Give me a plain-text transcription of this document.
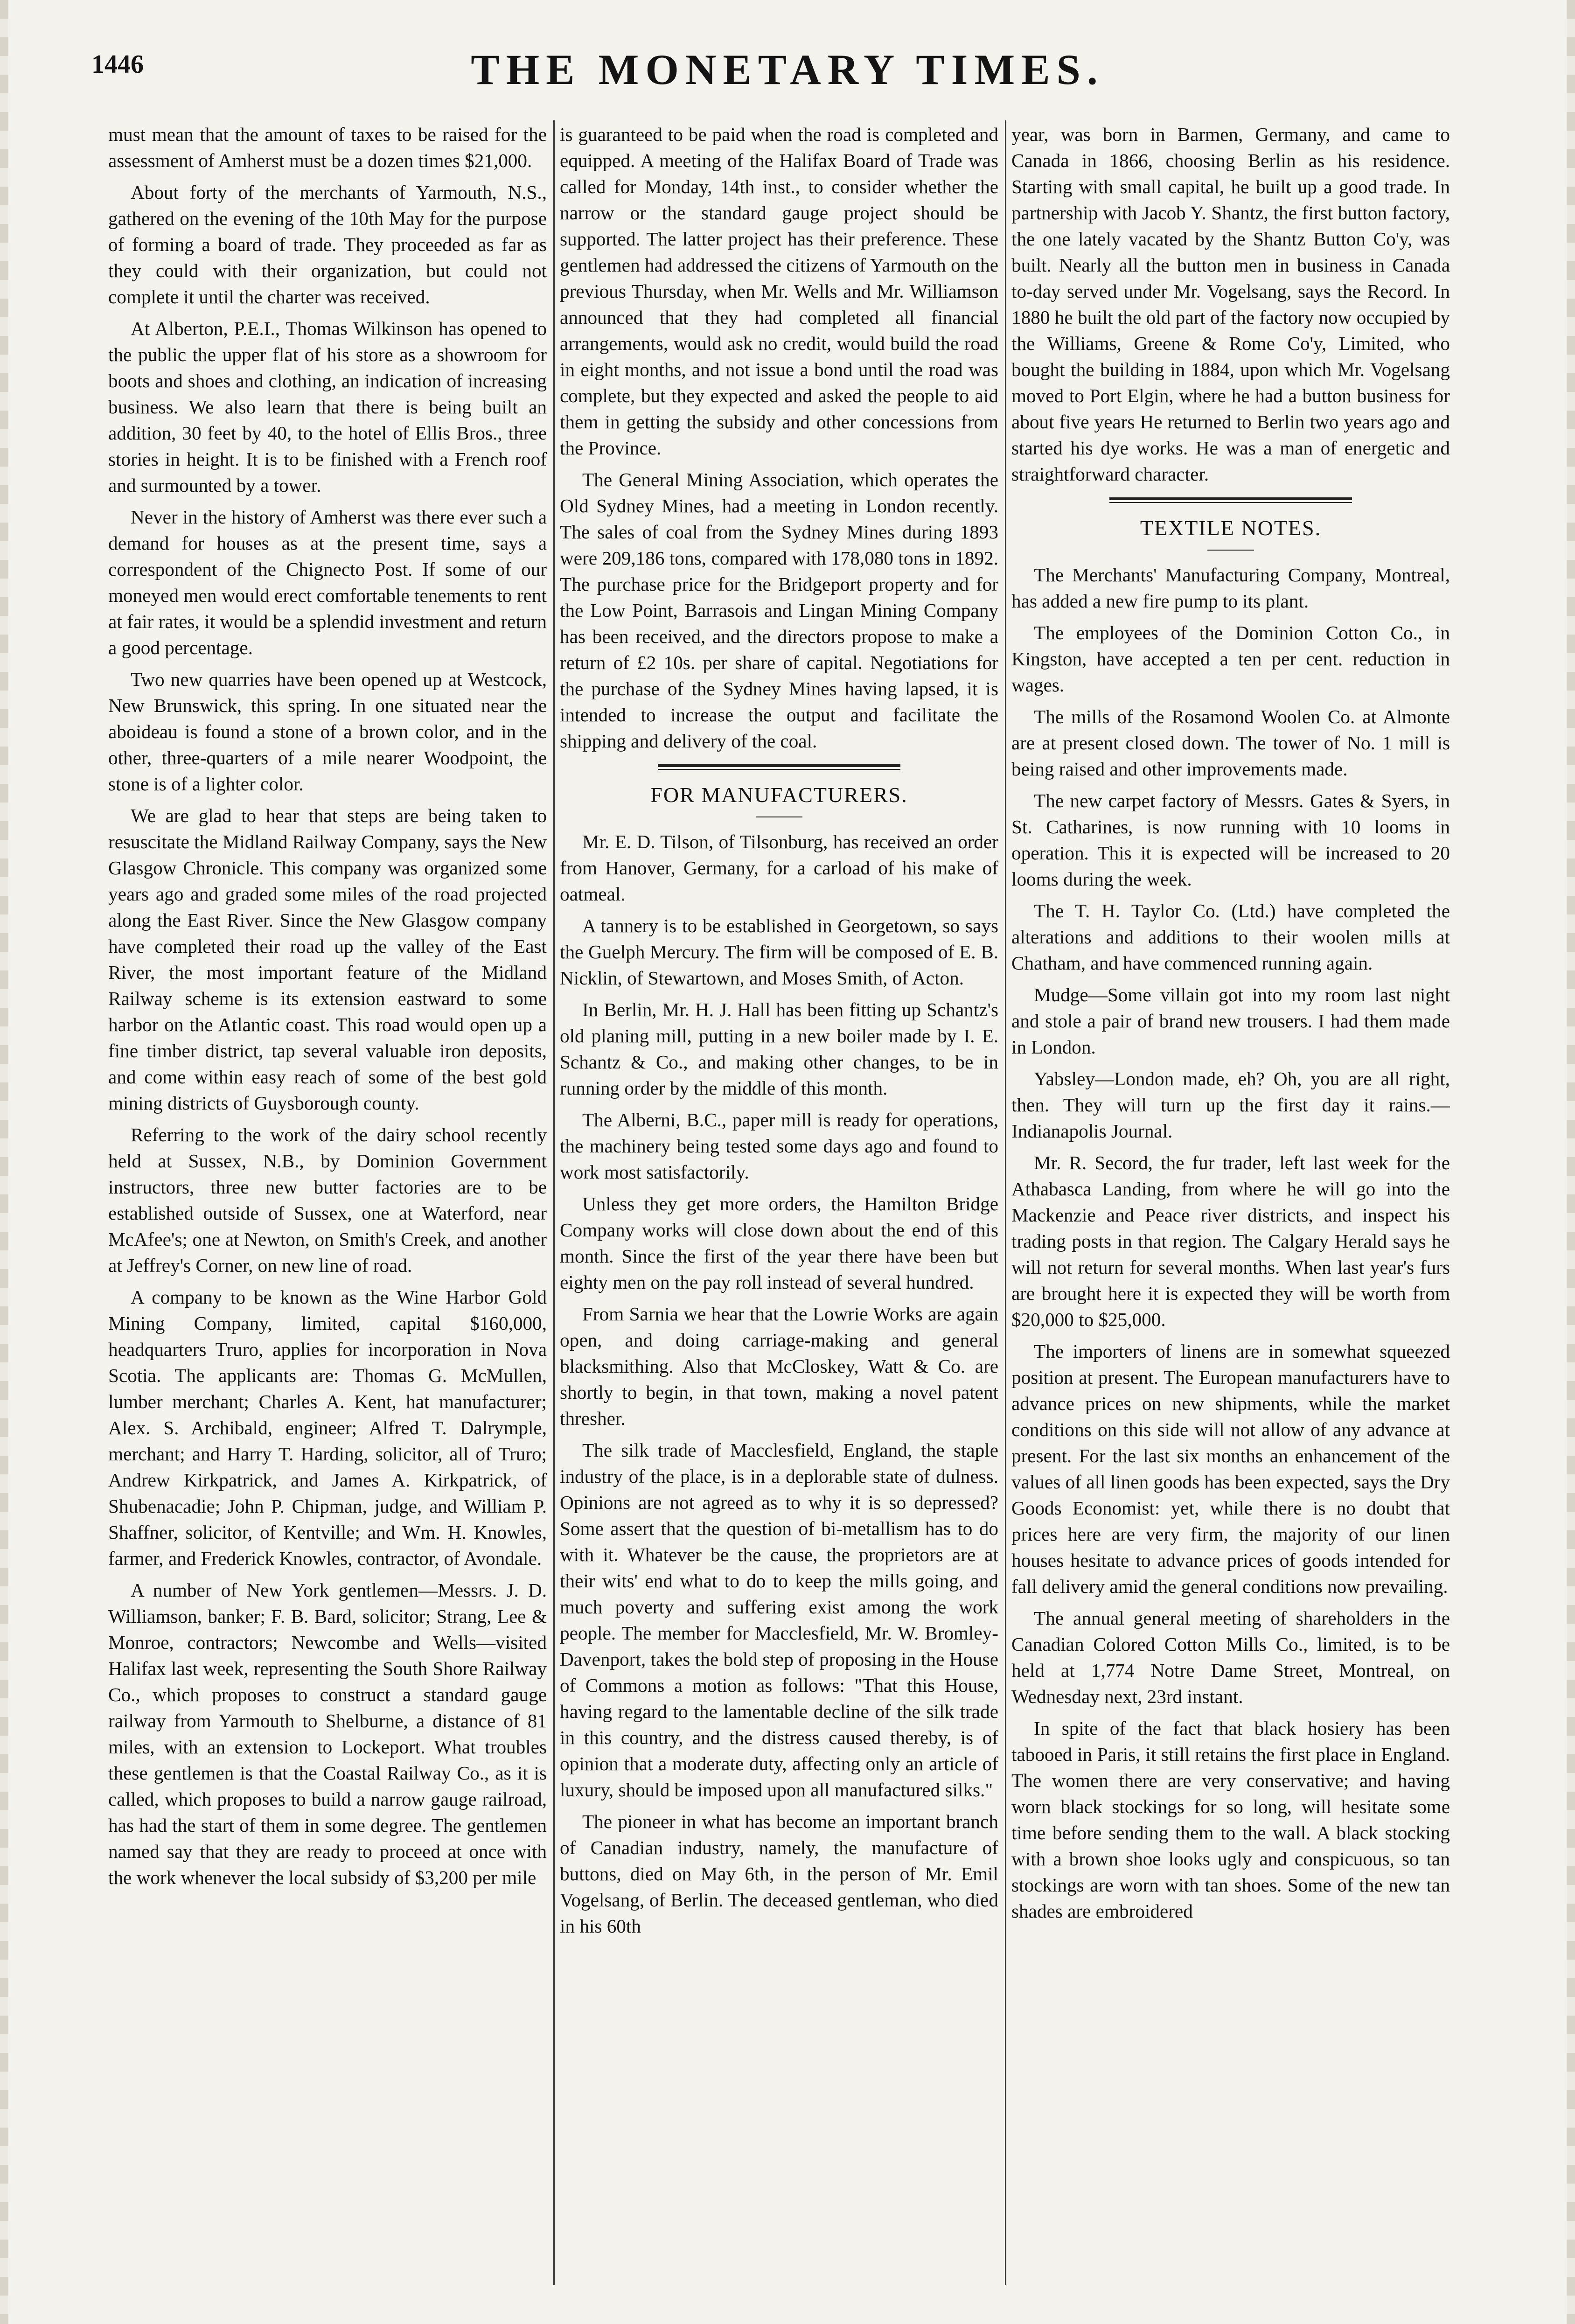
1446	THE MONETARY TIMES.

must mean that the amount of taxes to be raised for the assessment of Amherst must be a dozen times $21,000.

About forty of the merchants of Yarmouth, N.S., gathered on the evening of the 10th May for the purpose of forming a board of trade. They proceeded as far as they could with their organization, but could not complete it until the charter was received.

At Alberton, P.E.I., Thomas Wilkinson has opened to the public the upper flat of his store as a showroom for boots and shoes and clothing, an indication of increasing business. We also learn that there is being built an addition, 30 feet by 40, to the hotel of Ellis Bros., three stories in height. It is to be finished with a French roof and surmounted by a tower.

Never in the history of Amherst was there ever such a demand for houses as at the present time, says a correspondent of the Chignecto Post. If some of our moneyed men would erect comfortable tenements to rent at fair rates, it would be a splendid investment and return a good percentage.

Two new quarries have been opened up at Westcock, New Brunswick, this spring. In one situated near the aboideau is found a stone of a brown color, and in the other, three-quarters of a mile nearer Woodpoint, the stone is of a lighter color.

We are glad to hear that steps are being taken to resuscitate the Midland Railway Company, says the New Glasgow Chronicle. This company was organized some years ago and graded some miles of the road projected along the East River. Since the New Glasgow company have completed their road up the valley of the East River, the most important feature of the Midland Railway scheme is its extension eastward to some harbor on the Atlantic coast. This road would open up a fine timber district, tap several valuable iron deposits, and come within easy reach of some of the best gold mining districts of Guysborough county.

Referring to the work of the dairy school recently held at Sussex, N.B., by Dominion Government instructors, three new butter factories are to be established outside of Sussex, one at Waterford, near McAfee's; one at Newton, on Smith's Creek, and another at Jeffrey's Corner, on new line of road.

A company to be known as the Wine Harbor Gold Mining Company, limited, capital $160,000, headquarters Truro, applies for incorporation in Nova Scotia. The applicants are: Thomas G. McMullen, lumber merchant; Charles A. Kent, hat manufacturer; Alex. S. Archibald, engineer; Alfred T. Dalrymple, merchant; and Harry T. Harding, solicitor, all of Truro; Andrew Kirkpatrick, and James A. Kirkpatrick, of Shubenacadie; John P. Chipman, judge, and William P. Shaffner, solicitor, of Kentville; and Wm. H. Knowles, farmer, and Frederick Knowles, contractor, of Avondale.

A number of New York gentlemen—Messrs. J. D. Williamson, banker; F. B. Bard, solicitor; Strang, Lee & Monroe, contractors; Newcombe and Wells—visited Halifax last week, representing the South Shore Railway Co., which proposes to construct a standard gauge railway from Yarmouth to Shelburne, a distance of 81 miles, with an extension to Lockeport. What troubles these gentlemen is that the Coastal Railway Co., as it is called, which proposes to build a narrow gauge railroad, has had the start of them in some degree. The gentlemen named say that they are ready to proceed at once with the work whenever the local subsidy of $3,200 per mile

is guaranteed to be paid when the road is completed and equipped. A meeting of the Halifax Board of Trade was called for Monday, 14th inst., to consider whether the narrow or the standard gauge project should be supported. The latter project has their preference. These gentlemen had addressed the citizens of Yarmouth on the previous Thursday, when Mr. Wells and Mr. Williamson announced that they had completed all financial arrangements, would ask no credit, would build the road in eight months, and not issue a bond until the road was complete, but they expected and asked the people to aid them in getting the subsidy and other concessions from the Province.

The General Mining Association, which operates the Old Sydney Mines, had a meeting in London recently. The sales of coal from the Sydney Mines during 1893 were 209,186 tons, compared with 178,080 tons in 1892. The purchase price for the Bridgeport property and for the Low Point, Barrasois and Lingan Mining Company has been received, and the directors propose to make a return of £2 10s. per share of capital. Negotiations for the purchase of the Sydney Mines having lapsed, it is intended to increase the output and facilitate the shipping and delivery of the coal.

FOR MANUFACTURERS.

Mr. E. D. Tilson, of Tilsonburg, has received an order from Hanover, Germany, for a carload of his make of oatmeal.

A tannery is to be established in Georgetown, so says the Guelph Mercury. The firm will be composed of E. B. Nicklin, of Stewartown, and Moses Smith, of Acton.

In Berlin, Mr. H. J. Hall has been fitting up Schantz's old planing mill, putting in a new boiler made by I. E. Schantz & Co., and making other changes, to be in running order by the middle of this month.

The Alberni, B.C., paper mill is ready for operations, the machinery being tested some days ago and found to work most satisfactorily.

Unless they get more orders, the Hamilton Bridge Company works will close down about the end of this month. Since the first of the year there have been but eighty men on the pay roll instead of several hundred.

From Sarnia we hear that the Lowrie Works are again open, and doing carriage-making and general blacksmithing. Also that McCloskey, Watt & Co. are shortly to begin, in that town, making a novel patent thresher.

The silk trade of Macclesfield, England, the staple industry of the place, is in a deplorable state of dulness. Opinions are not agreed as to why it is so depressed? Some assert that the question of bi-metallism has to do with it. Whatever be the cause, the proprietors are at their wits' end what to do to keep the mills going, and much poverty and suffering exist among the work people. The member for Macclesfield, Mr. W. Bromley-Davenport, takes the bold step of proposing in the House of Commons a motion as follows: "That this House, having regard to the lamentable decline of the silk trade in this country, and the distress caused thereby, is of opinion that a moderate duty, affecting only an article of luxury, should be imposed upon all manufactured silks."

The pioneer in what has become an important branch of Canadian industry, namely, the manufacture of buttons, died on May 6th, in the person of Mr. Emil Vogelsang, of Berlin. The deceased gentleman, who died in his 60th

year, was born in Barmen, Germany, and came to Canada in 1866, choosing Berlin as his residence. Starting with small capital, he built up a good trade. In partnership with Jacob Y. Shantz, the first button factory, the one lately vacated by the Shantz Button Co'y, was built. Nearly all the button men in business in Canada to-day served under Mr. Vogelsang, says the Record. In 1880 he built the old part of the factory now occupied by the Williams, Greene & Rome Co'y, Limited, who bought the building in 1884, upon which Mr. Vogelsang moved to Port Elgin, where he had a button business for about five years He returned to Berlin two years ago and started his dye works. He was a man of energetic and straightforward character.

TEXTILE NOTES.

The Merchants' Manufacturing Company, Montreal, has added a new fire pump to its plant.

The employees of the Dominion Cotton Co., in Kingston, have accepted a ten per cent. reduction in wages.

The mills of the Rosamond Woolen Co. at Almonte are at present closed down. The tower of No. 1 mill is being raised and other improvements made.

The new carpet factory of Messrs. Gates & Syers, in St. Catharines, is now running with 10 looms in operation. This it is expected will be increased to 20 looms during the week.

The T. H. Taylor Co. (Ltd.) have completed the alterations and additions to their woolen mills at Chatham, and have commenced running again.

Mudge—Some villain got into my room last night and stole a pair of brand new trousers. I had them made in London.

Yabsley—London made, eh? Oh, you are all right, then. They will turn up the first day it rains.—Indianapolis Journal.

Mr. R. Secord, the fur trader, left last week for the Athabasca Landing, from where he will go into the Mackenzie and Peace river districts, and inspect his trading posts in that region. The Calgary Herald says he will not return for several months. When last year's furs are brought here it is expected they will be worth from $20,000 to $25,000.

The importers of linens are in somewhat squeezed position at present. The European manufacturers have to advance prices on new shipments, while the market conditions on this side will not allow of any advance at present. For the last six months an enhancement of the values of all linen goods has been expected, says the Dry Goods Economist: yet, while there is no doubt that prices here are very firm, the majority of our linen houses hesitate to advance prices of goods intended for fall delivery amid the general conditions now prevailing.

The annual general meeting of shareholders in the Canadian Colored Cotton Mills Co., limited, is to be held at 1,774 Notre Dame Street, Montreal, on Wednesday next, 23rd instant.

In spite of the fact that black hosiery has been tabooed in Paris, it still retains the first place in England. The women there are very conservative; and having worn black stockings for so long, will hesitate some time before sending them to the wall. A black stocking with a brown shoe looks ugly and conspicuous, so tan stockings are worn with tan shoes. Some of the new tan shades are embroidered
